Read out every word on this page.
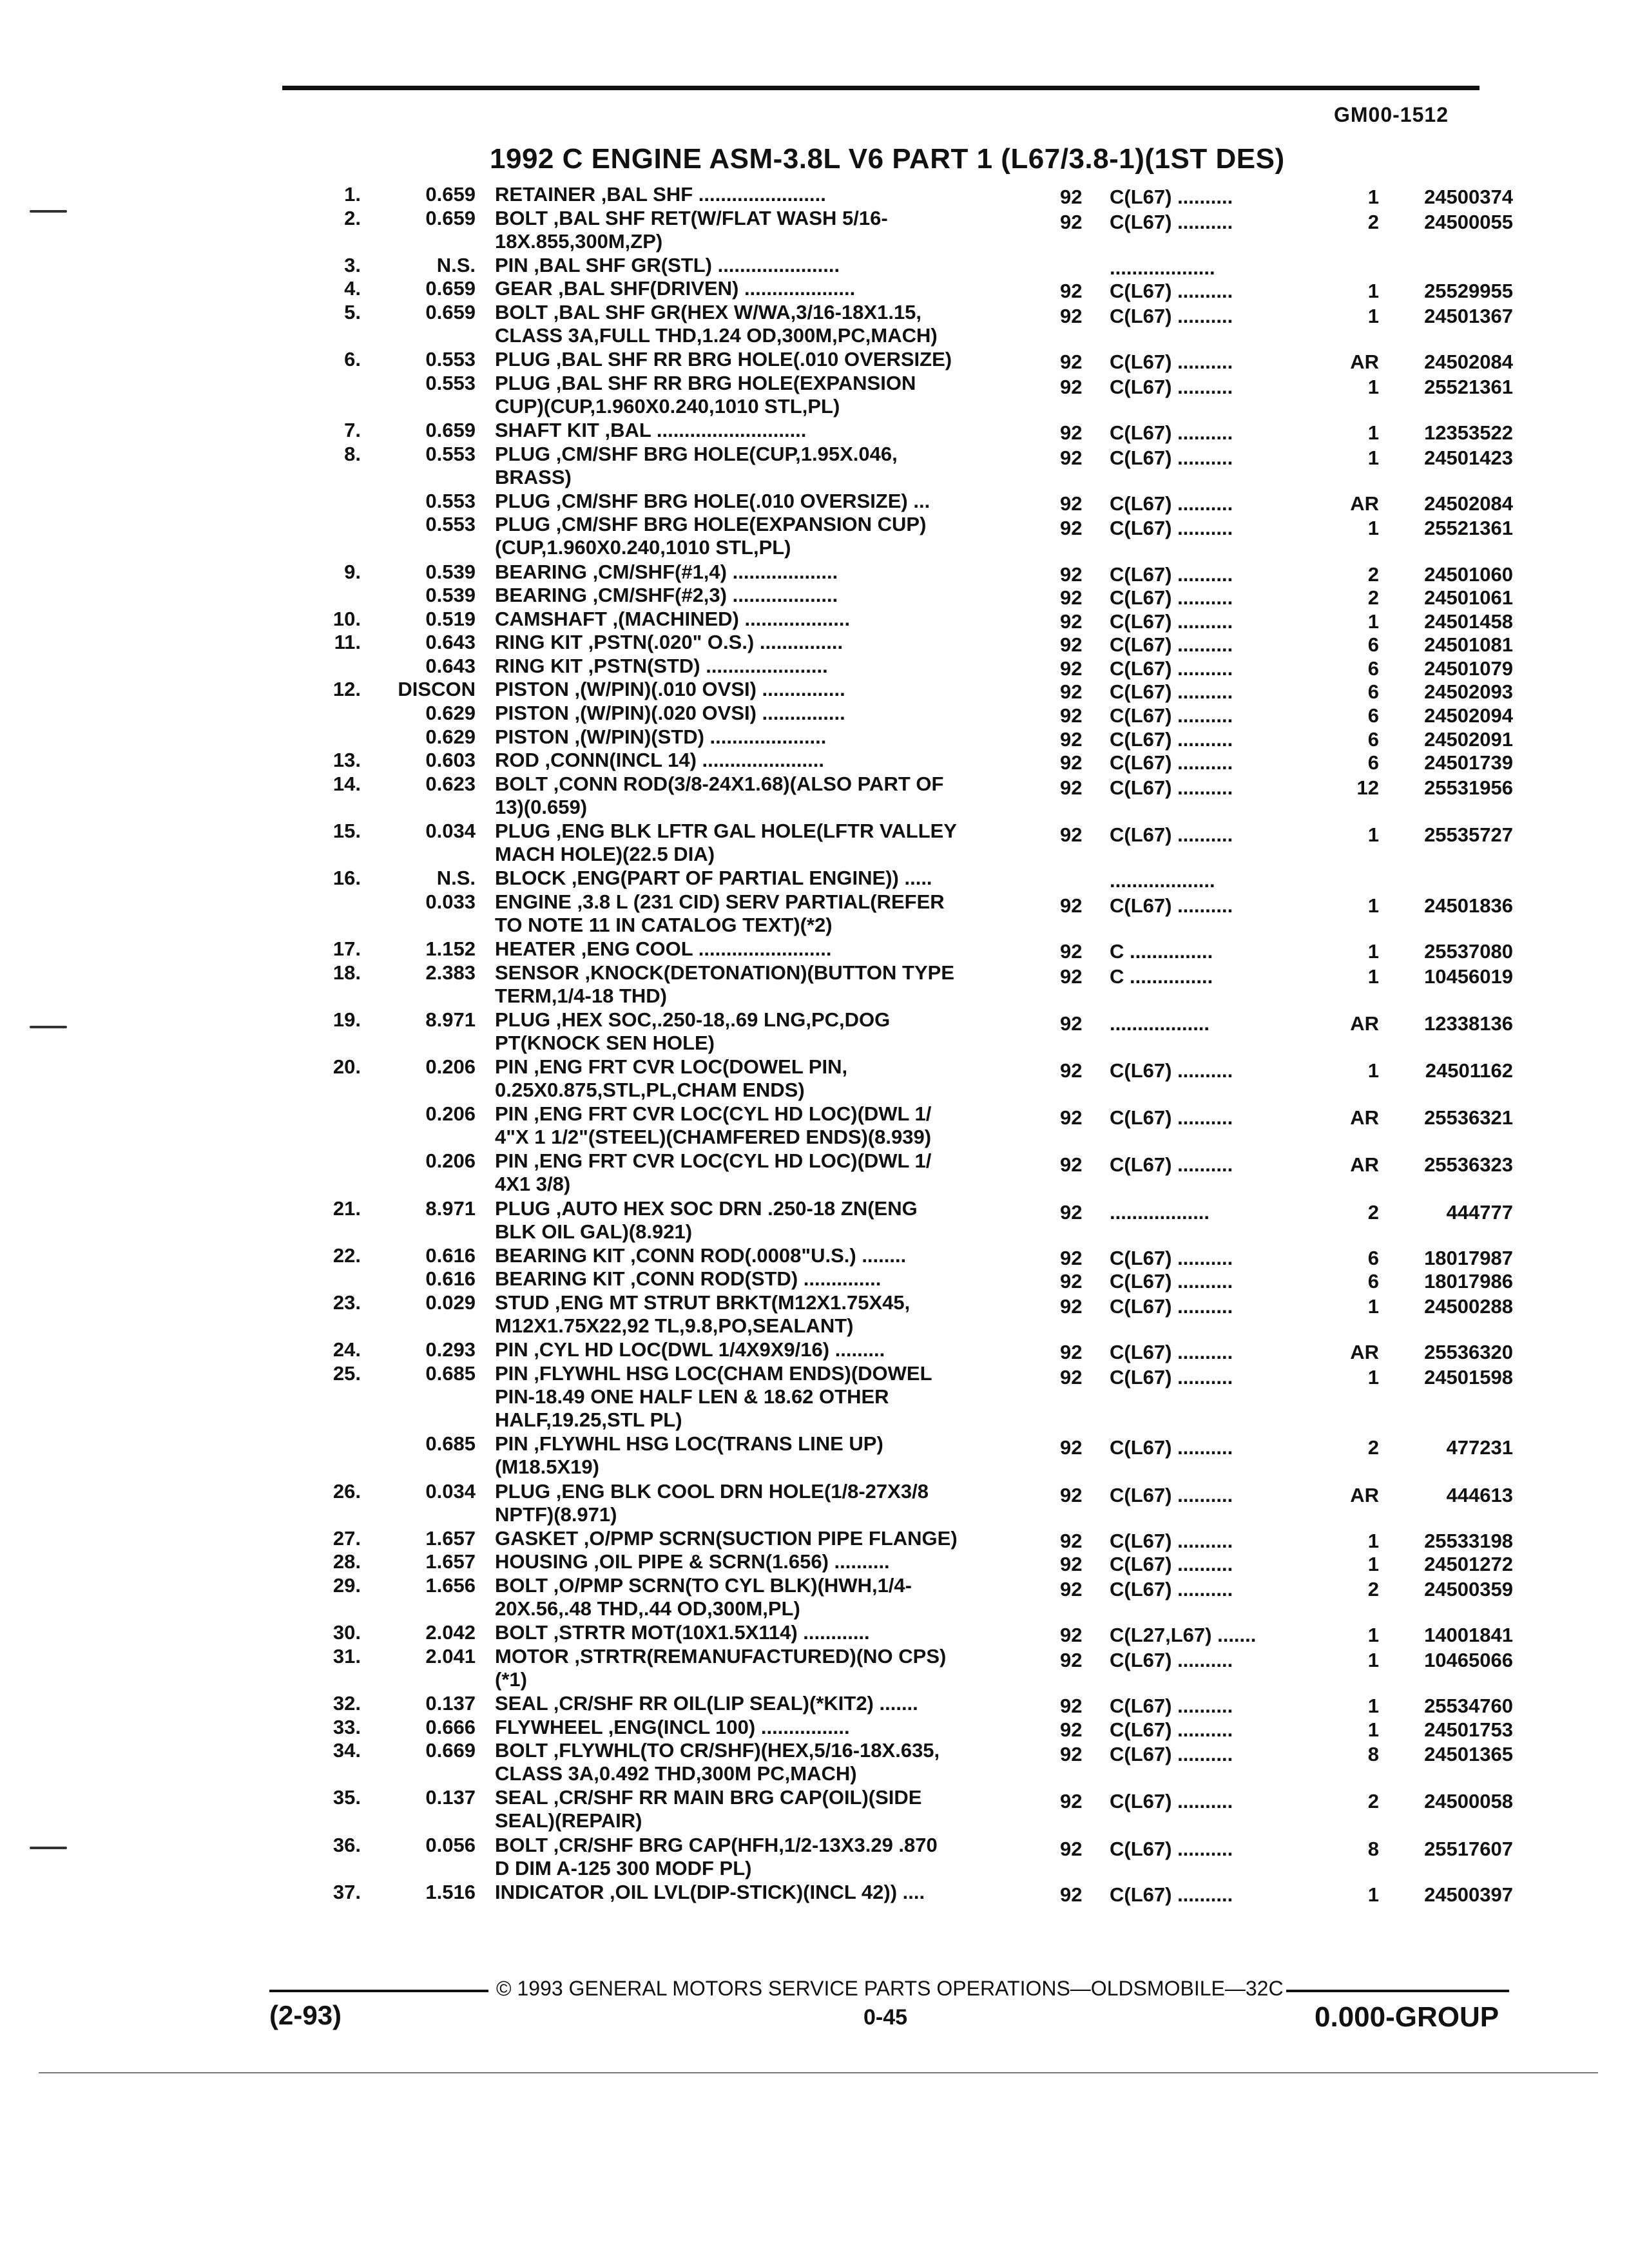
GM00-1512
1992 C ENGINE ASM-3.8L V6 PART 1 (L67/3.8-1)(1ST DES)
1.	0.659 RETAINER ,BAL SHF .......................	92 C(L67) ..........	1	24500374
2.	0.659 BOLT ,BAL SHF RET(W/FLAT WASH 5/16-
18X.855,300M,ZP)
92 C(L67) ..........	2	24500055
3.	N.S. PIN ,BAL SHF GR(STL) ......................	...................
4.	0.659 GEAR ,BAL SHF(DRIVEN) ....................	92 C(L67) ..........	1	25529955
5.	0.659 BOLT ,BAL SHF GR(HEX W/WA,3/16-18X1.15,
CLASS 3A,FULL THD,1.24 OD,300M,PC,MACH)
92 C(L67) ..........	1	24501367
6.	0.553 PLUG ,BAL SHF RR BRG HOLE(.010 OVERSIZE)	92 C(L67) ..........	AR	24502084
0.553 PLUG ,BAL SHF RR BRG HOLE(EXPANSION
CUP)(CUP,1.960X0.240,1010 STL,PL)
92 C(L67) ..........	1	25521361
7.	0.659 SHAFT KIT ,BAL ...........................	92 C(L67) ..........	1	12353522
8.	0.553 PLUG ,CM/SHF BRG HOLE(CUP,1.95X.046,
BRASS)
92 C(L67) ..........	1	24501423
0.553 PLUG ,CM/SHF BRG HOLE(.010 OVERSIZE) ...	92 C(L67) ..........	AR	24502084
0.553 PLUG ,CM/SHF BRG HOLE(EXPANSION CUP)
(CUP,1.960X0.240,1010 STL,PL)
92 C(L67) ..........	1	25521361
9.	0.539 BEARING ,CM/SHF(#1,4) ...................	92 C(L67) ..........	2	24501060
0.539 BEARING ,CM/SHF(#2,3) ...................	92 C(L67) ..........	2	24501061
10.	0.519 CAMSHAFT ,(MACHINED) ...................	92 C(L67) ..........	1	24501458
11.	0.643 RING KIT ,PSTN(.020" O.S.) ...............	92 C(L67) ..........	6	24501081
0.643 RING KIT ,PSTN(STD) ......................	92 C(L67) ..........	6	24501079
12.	DISCON PISTON ,(W/PIN)(.010 OVSI) ...............	92 C(L67) ..........	6	24502093
0.629 PISTON ,(W/PIN)(.020 OVSI) ...............	92 C(L67) ..........	6	24502094
0.629 PISTON ,(W/PIN)(STD) .....................	92 C(L67) ..........	6	24502091
13.	0.603 ROD ,CONN(INCL 14) ......................	92 C(L67) ..........	6	24501739
14.	0.623 BOLT ,CONN ROD(3/8-24X1.68)(ALSO PART OF
13)(0.659)
92 C(L67) ..........	12	25531956
15.	0.034 PLUG ,ENG BLK LFTR GAL HOLE(LFTR VALLEY
MACH HOLE)(22.5 DIA)
92 C(L67) ..........	1	25535727
16.	N.S. BLOCK ,ENG(PART OF PARTIAL ENGINE)) .....	...................
0.033 ENGINE ,3.8 L (231 CID) SERV PARTIAL(REFER
TO NOTE 11 IN CATALOG TEXT)(*2)
92 C(L67) ..........	1	24501836
17.	1.152 HEATER ,ENG COOL ........................	92 C ...............	1	25537080
18.	2.383 SENSOR ,KNOCK(DETONATION)(BUTTON TYPE
TERM,1/4-18 THD)
92 C ...............	1	10456019
19.	8.971 PLUG ,HEX SOC,.250-18,.69 LNG,PC,DOG
PT(KNOCK SEN HOLE)
92 ..................	AR	12338136
20.	0.206 PIN ,ENG FRT CVR LOC(DOWEL PIN,
0.25X0.875,STL,PL,CHAM ENDS)
92 C(L67) ..........	1	24501162
0.206 PIN ,ENG FRT CVR LOC(CYL HD LOC)(DWL 1/
4"X 1 1/2"(STEEL)(CHAMFERED ENDS)(8.939)
92 C(L67) ..........	AR	25536321
0.206 PIN ,ENG FRT CVR LOC(CYL HD LOC)(DWL 1/
4X1 3/8)
92 C(L67) ..........	AR	25536323
21.	8.971 PLUG ,AUTO HEX SOC DRN .250-18 ZN(ENG
BLK OIL GAL)(8.921)
92 ..................	2	444777
22.	0.616 BEARING KIT ,CONN ROD(.0008"U.S.) ........	92 C(L67) ..........	6	18017987
0.616 BEARING KIT ,CONN ROD(STD) ..............	92 C(L67) ..........	6	18017986
23.	0.029 STUD ,ENG MT STRUT BRKT(M12X1.75X45,
M12X1.75X22,92 TL,9.8,PO,SEALANT)
92 C(L67) ..........	1	24500288
24.	0.293 PIN ,CYL HD LOC(DWL 1/4X9X9/16) .........	92 C(L67) ..........	AR	25536320
25.	0.685 PIN ,FLYWHL HSG LOC(CHAM ENDS)(DOWEL
PIN-18.49 ONE HALF LEN & 18.62 OTHER
HALF,19.25,STL PL)
92 C(L67) ..........	1	24501598
0.685 PIN ,FLYWHL HSG LOC(TRANS LINE UP)
(M18.5X19)
92 C(L67) ..........	2	477231
26.	0.034 PLUG ,ENG BLK COOL DRN HOLE(1/8-27X3/8
NPTF)(8.971)
92 C(L67) ..........	AR	444613
27.	1.657 GASKET ,O/PMP SCRN(SUCTION PIPE FLANGE)	92 C(L67) ..........	1	25533198
28.	1.657 HOUSING ,OIL PIPE & SCRN(1.656) ..........	92 C(L67) ..........	1	24501272
29.	1.656 BOLT ,O/PMP SCRN(TO CYL BLK)(HWH,1/4-
20X.56,.48 THD,.44 OD,300M,PL)
92 C(L67) ..........	2	24500359
30.	2.042 BOLT ,STRTR MOT(10X1.5X114) ............	92 C(L27,L67) .......	1	14001841
31.	2.041 MOTOR ,STRTR(REMANUFACTURED)(NO CPS)
(*1)
92 C(L67) ..........	1	10465066
32.	0.137 SEAL ,CR/SHF RR OIL(LIP SEAL)(*KIT2) .......	92 C(L67) ..........	1	25534760
33.	0.666 FLYWHEEL ,ENG(INCL 100) ................	92 C(L67) ..........	1	24501753
34.	0.669 BOLT ,FLYWHL(TO CR/SHF)(HEX,5/16-18X.635,
CLASS 3A,0.492 THD,300M PC,MACH)
92 C(L67) ..........	8	24501365
35.	0.137 SEAL ,CR/SHF RR MAIN BRG CAP(OIL)(SIDE
SEAL)(REPAIR)
92 C(L67) ..........	2	24500058
36.	0.056 BOLT ,CR/SHF BRG CAP(HFH,1/2-13X3.29 .870
D DIM A-125 300 MODF PL)
92 C(L67) ..........	8	25517607
37.	1.516 INDICATOR ,OIL LVL(DIP-STICK)(INCL 42)) ....	92 C(L67) ..........	1	24500397
© 1993 GENERAL MOTORS SERVICE PARTS OPERATIONS—OLDSMOBILE—32C
(2-93)	0-45	0.000-GROUP
